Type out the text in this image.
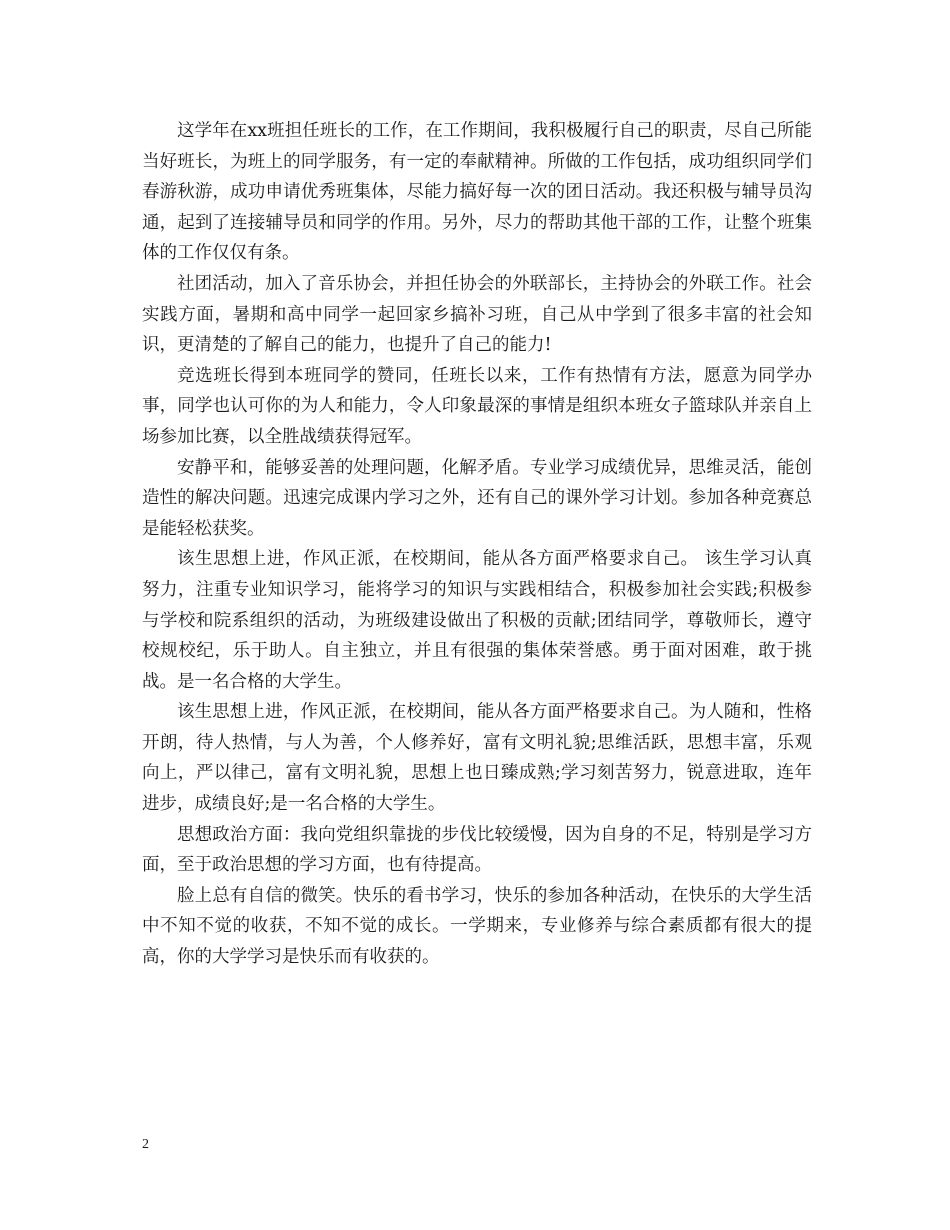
这学年在xx班担任班长的工作，在工作期间，我积极履行自己的职责，尽自己所能当好班长，为班上的同学服务，有一定的奉献精神。所做的工作包括，成功组织同学们春游秋游，成功申请优秀班集体，尽能力搞好每一次的团日活动。我还积极与辅导员沟通，起到了连接辅导员和同学的作用。另外，尽力的帮助其他干部的工作，让整个班集体的工作仅仅有条。

社团活动，加入了音乐协会，并担任协会的外联部长，主持协会的外联工作。社会实践方面，暑期和高中同学一起回家乡搞补习班，自己从中学到了很多丰富的社会知识，更清楚的了解自己的能力，也提升了自己的能力!

竞选班长得到本班同学的赞同，任班长以来，工作有热情有方法，愿意为同学办事，同学也认可你的为人和能力，令人印象最深的事情是组织本班女子篮球队并亲自上场参加比赛，以全胜战绩获得冠军。

安静平和，能够妥善的处理问题，化解矛盾。专业学习成绩优异，思维灵活，能创造性的解决问题。迅速完成课内学习之外，还有自己的课外学习计划。参加各种竞赛总是能轻松获奖。

该生思想上进，作风正派，在校期间，能从各方面严格要求自己。 该生学习认真努力，注重专业知识学习，能将学习的知识与实践相结合，积极参加社会实践;积极参与学校和院系组织的活动，为班级建设做出了积极的贡献;团结同学，尊敬师长，遵守校规校纪，乐于助人。自主独立，并且有很强的集体荣誉感。勇于面对困难，敢于挑战。是一名合格的大学生。

该生思想上进，作风正派，在校期间，能从各方面严格要求自己。为人随和，性格开朗，待人热情，与人为善，个人修养好，富有文明礼貌;思维活跃，思想丰富，乐观向上，严以律己，富有文明礼貌，思想上也日臻成熟;学习刻苦努力，锐意进取，连年进步，成绩良好;是一名合格的大学生。

思想政治方面：我向党组织靠拢的步伐比较缓慢，因为自身的不足，特别是学习方面，至于政治思想的学习方面，也有待提高。

脸上总有自信的微笑。快乐的看书学习，快乐的参加各种活动，在快乐的大学生活中不知不觉的收获，不知不觉的成长。一学期来，专业修养与综合素质都有很大的提高，你的大学学习是快乐而有收获的。

2
